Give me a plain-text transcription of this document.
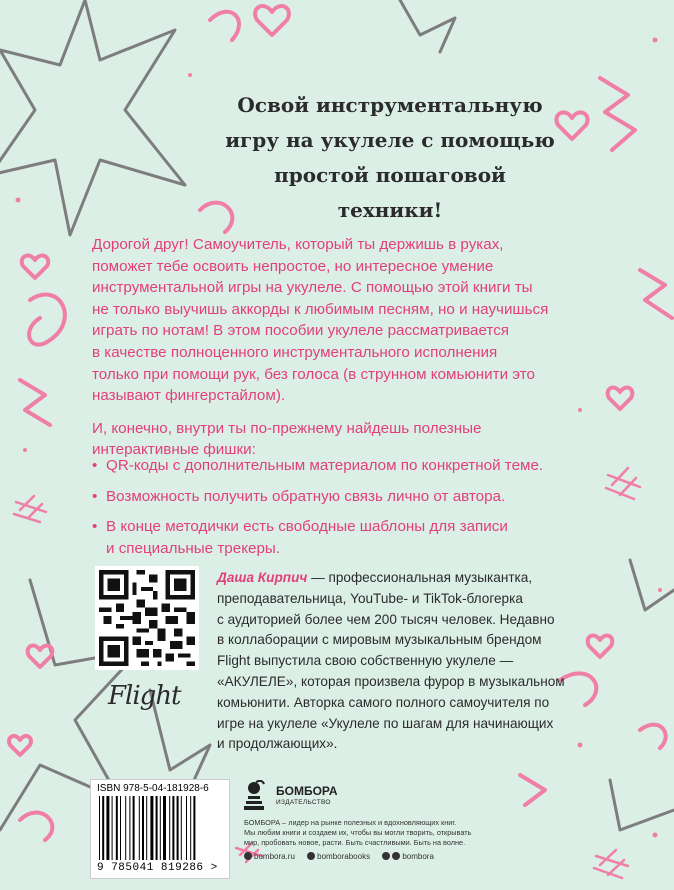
Освой инструментальную
игру на укулеле с помощью
простой пошаговой
техники!

Дорогой друг! Самоучитель, который ты держишь в руках,

поможет тебе освоить непростое, но интересное умение

инструментальной игры на укулеле. С помощью этой книги ты

не только выучишь аккорды к любимым песням, но и научишься

играть по нотам! В этом пособии укулеле рассматривается

в качестве полноценного инструментального исполнения

только при помощи рук, без голоса (в струнном комьюнити это

называют фингерстайлом).

И, конечно, внутри ты по-прежнему найдешь полезные

интерактивные фишки:

• QR-коды с дополнительным материалом по конкретной теме.
• Возможность получить обратную связь лично от автора.
• В конце методички есть свободные шаблоны для записи
и специальные трекеры.
Flight
Даша Кирпич — профессиональная музыкантка,
преподавательница, YouTube- и TikTok-блогерка
с аудиторией более чем 200 тысяч человек. Недавно
в коллаборации с мировым музыкальным брендом
Flight выпустила свою собственную укулеле —
«АКУЛЕЛЕ», которая произвела фурор в музыкальном
комьюнити. Авторка самого полного самоучителя по
игре на укулеле «Укулеле по шагам для начинающих
и продолжающих».
ISBN 978-5-04-181928-6
9 785041 819286 >
БОМБОРА
ИЗДАТЕЛЬСТВО
БОМБОРА – лидер на рынке полезных и вдохновляющих книг.
Мы любим книги и создаем их, чтобы вы могли творить, открывать
мир, пробовать новое, расти. Быть счастливыми. Быть на волне.
bombora.ru	bomborabooks	bombora
